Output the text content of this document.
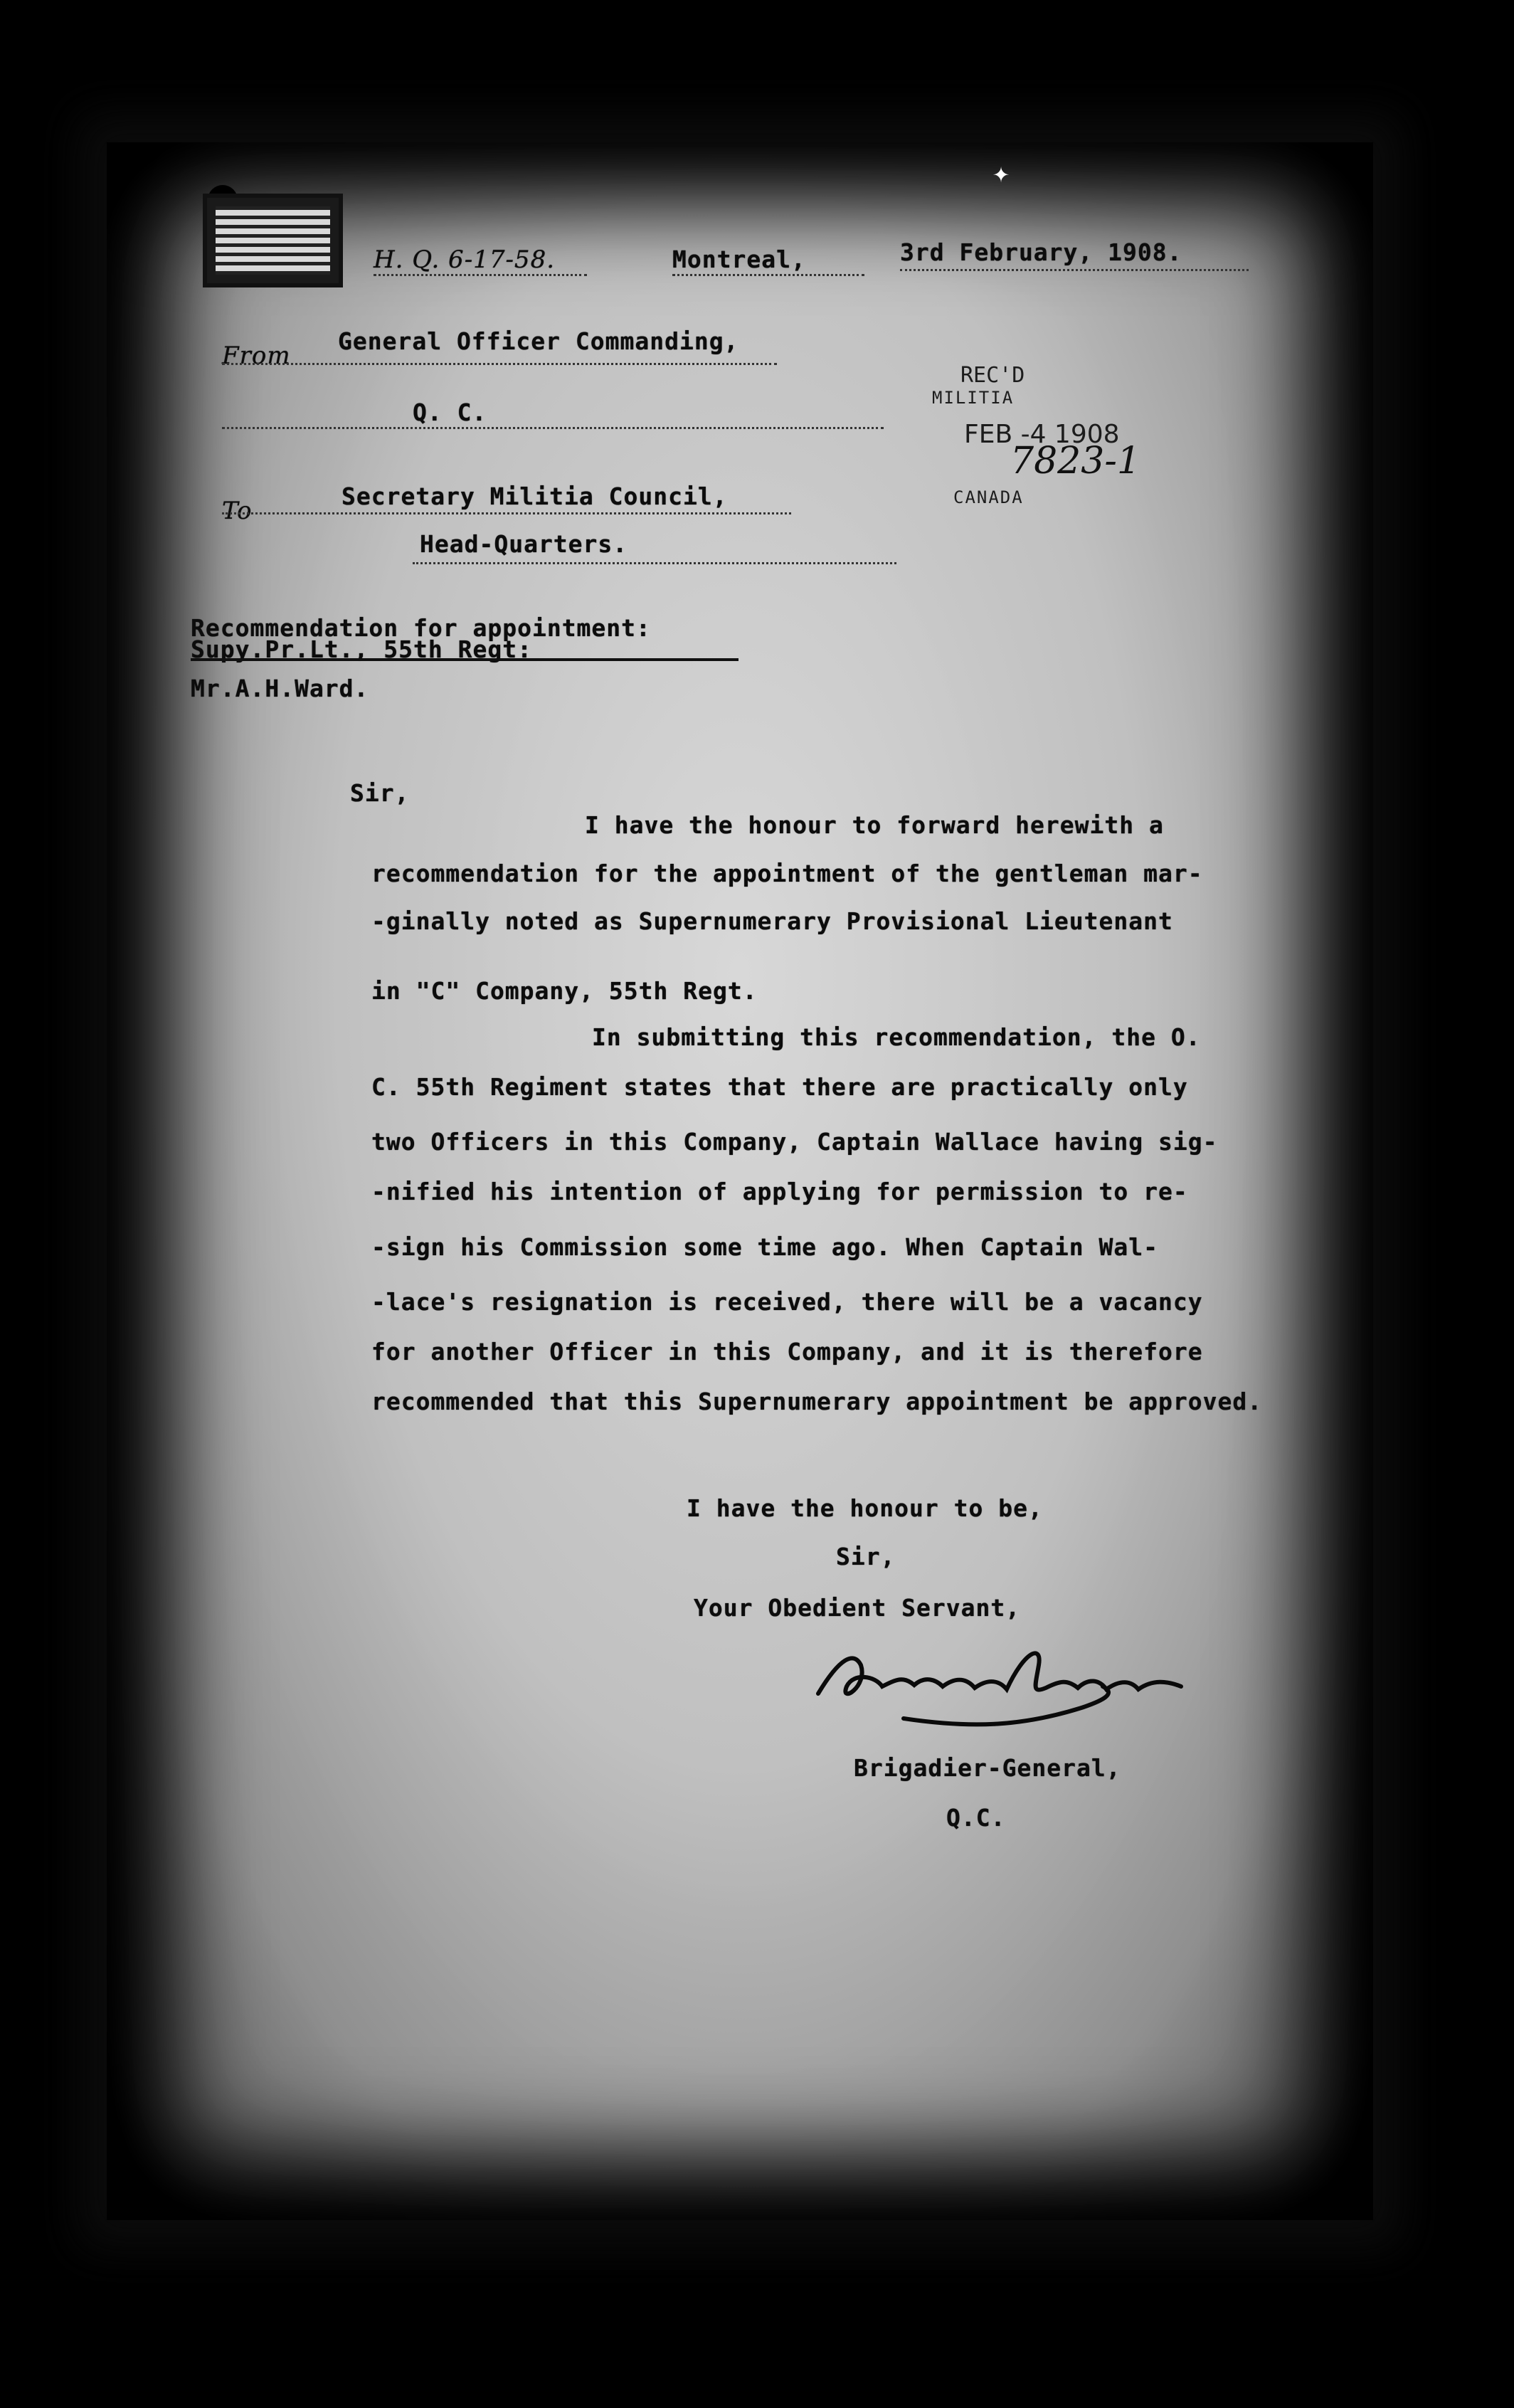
✦
H. Q. 6-17-58.	Montreal,	3rd February, 1908.
From
General Officer Commanding,
Q. C.
REC'D
MILITIA
FEB -4 1908
7823-1
CANADA
To
Secretary Militia Council,
Head-Quarters.
Recommendation for appointment:
Supy.Pr.Lt., 55th Regt:
Mr.A.H.Ward.
Sir,
I have the honour to forward herewith a
recommendation for the appointment of the gentleman mar-
-ginally noted as Supernumerary Provisional Lieutenant
in "C" Company, 55th Regt.
In submitting this recommendation, the O.
C. 55th Regiment states that there are practically only
two Officers in this Company, Captain Wallace having sig-
-nified his intention of applying for permission to re-
-sign his Commission some time ago. When Captain Wal-
-lace's resignation is received, there will be a vacancy
for another Officer in this Company, and it is therefore
recommended that this Supernumerary appointment be approved.
I have the honour to be,
Sir,
Your Obedient Servant,
Brigadier-General,
Q.C.
